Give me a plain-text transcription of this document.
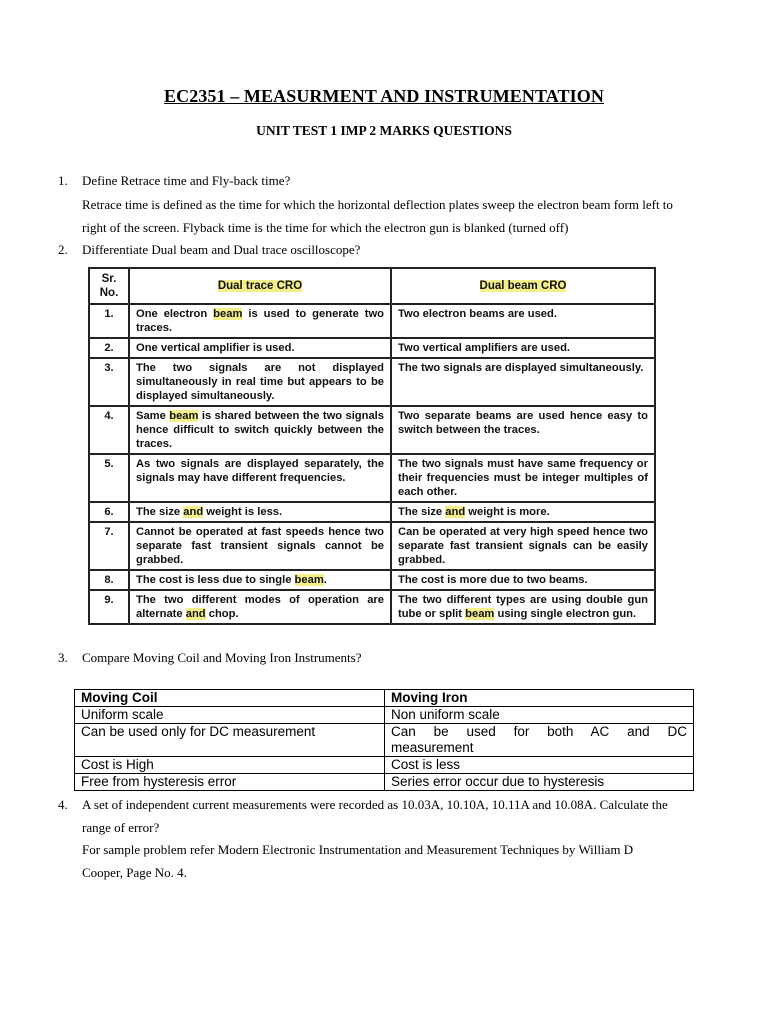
EC2351 – MEASURMENT AND INSTRUMENTATION
UNIT TEST 1 IMP 2 MARKS QUESTIONS
1. Define Retrace time and Fly-back time?
Retrace time is defined as the time for which the horizontal deflection plates sweep the electron beam form left to
right of the screen. Flyback time is the time for which the electron gun is blanked (turned off)
2. Differentiate Dual beam and Dual trace oscilloscope?
Sr.
No.	Dual trace CRO	Dual beam CRO
1.	One electron beam is used to generate two traces.	Two electron beams are used.
2.	One vertical amplifier is used.	Two vertical amplifiers are used.
3.	The two signals are not displayed simultaneously in real time but appears to be displayed simultaneously.	The two signals are displayed simultaneously.
4.	Same beam is shared between the two signals hence difficult to switch quickly between the traces.	Two separate beams are used hence easy to switch between the traces.
5.	As two signals are displayed separately, the signals may have different frequencies.	The two signals must have same frequency or their frequencies must be integer multiples of each other.
6.	The size and weight is less.	The size and weight is more.
7.	Cannot be operated at fast speeds hence two separate fast transient signals cannot be grabbed.	Can be operated at very high speed hence two separate fast transient signals can be easily grabbed.
8.	The cost is less due to single beam.	The cost is more due to two beams.
9.	The two different modes of operation are alternate and chop.	The two different types are using double gun tube or split beam using single electron gun.
3. Compare Moving Coil and Moving Iron Instruments?
Moving Coil	Moving Iron
Uniform scale	Non uniform scale
Can be used only for DC measurement	Can be used for both AC and DC
measurement

Cost is High	Cost is less
Free from hysteresis error	Series error occur due to hysteresis
4. A set of independent current measurements were recorded as 10.03A, 10.10A, 10.11A and 10.08A. Calculate the
range of error?
For sample problem refer Modern Electronic Instrumentation and Measurement Techniques by William D
Cooper, Page No. 4.
